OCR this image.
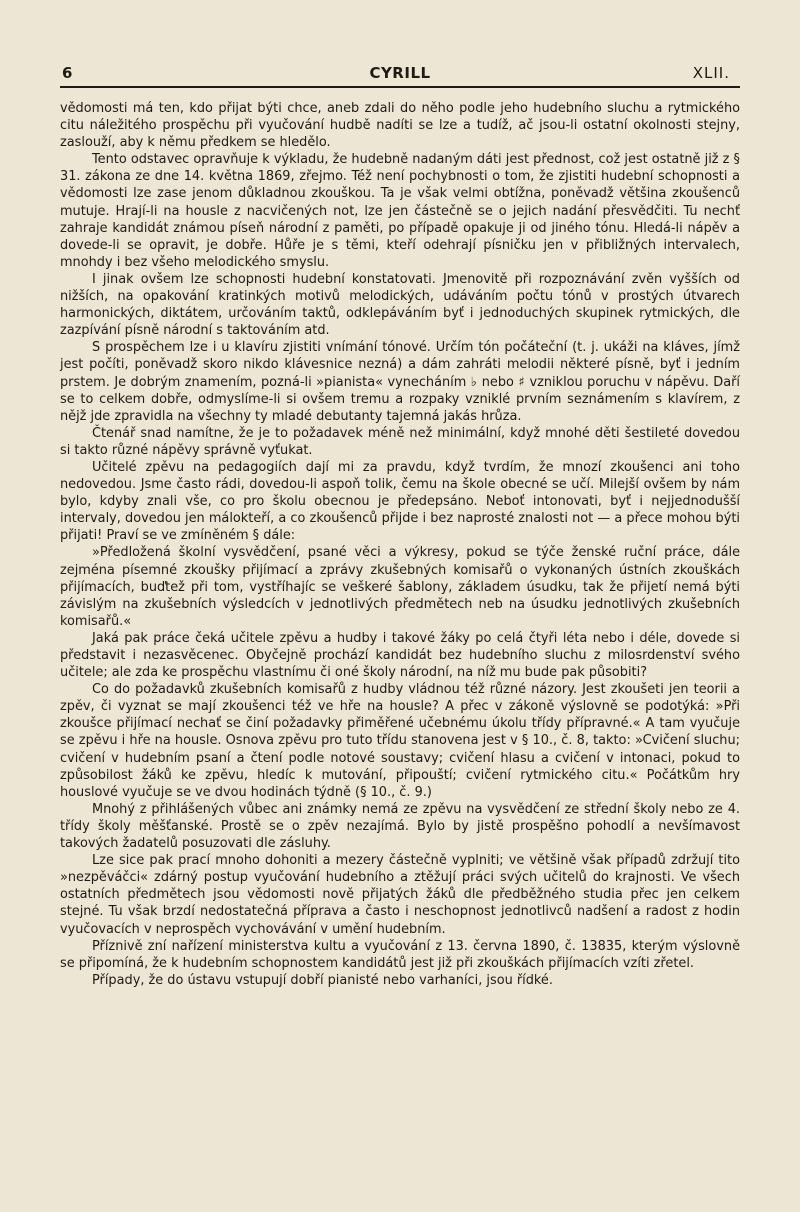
6	CYRILL	XLII.

vědomosti má ten, kdo přijat býti chce, aneb zdali do něho podle jeho hudebního sluchu a rytmického citu náležitého prospěchu při vyučování hudbě nadíti se lze a tudíž, ač jsou-li ostatní okolnosti stejny, zaslouží, aby k němu předkem se hledělo.

Tento odstavec opravňuje k výkladu, že hudebně nadaným dáti jest přednost, což jest ostatně již z § 31. zákona ze dne 14. května 1869, zřejmo. Též není pochybnosti o tom, že zjistiti hudební schopnosti a vědomosti lze zase jenom důkladnou zkouškou. Ta je však velmi obtížna, poněvadž většina zkoušenců mutuje. Hrají-li na housle z nacvičených not, lze jen částečně se o jejich nadání přesvědčiti. Tu nechť zahraje kandidát známou píseň národní z paměti, po případě opakuje ji od jiného tónu. Hledá-li nápěv a dovede-li se opravit, je dobře. Hůře je s těmi, kteří odehrají písničku jen v přibližných intervalech, mnohdy i bez všeho melodického smyslu.

I jinak ovšem lze schopnosti hudební konstatovati. Jmenovitě při rozpoznávání zvěn vyšších od nižších, na opakování kratinkých motivů melodických, udáváním počtu tónů v prostých útvarech harmonických, diktátem, určováním taktů, odklepáváním byť i jednoduchých skupinek rytmických, dle zazpívání písně národní s taktováním atd.

S prospěchem lze i u klavíru zjistiti vnímání tónové. Určím tón počáteční (t. j. ukáži na kláves, jímž jest počíti, poněvadž skoro nikdo klávesnice nezná) a dám zahráti melodii některé písně, byť i jedním prstem. Je dobrým znamením, pozná-li »pianista« vynecháním ♭ nebo ♯ vzniklou poruchu v nápěvu. Daří se to celkem dobře, odmyslíme-li si ovšem tremu a rozpaky vzniklé prvním seznámením s klavírem, z nějž jde zpravidla na všechny ty mladé debutanty tajemná jakás hrůza.

Čtenář snad namítne, že je to požadavek méně než minimální, když mnohé děti šestileté dovedou si takto různé nápěvy správně vyťukat.

Učitelé zpěvu na pedagogiích dají mi za pravdu, když tvrdím, že mnozí zkoušenci ani toho nedovedou. Jsme často rádi, dovedou-li aspoň tolik, čemu na škole obecné se učí. Milejší ovšem by nám bylo, kdyby znali vše, co pro školu obecnou je předepsáno. Neboť intonovati, byť i nejjednodušší intervaly, dovedou jen málokteří, a co zkoušenců přijde i bez naprosté znalosti not — a přece mohou býti přijati! Praví se ve zmíněném § dále:

»Předložená školní vysvědčení, psané věci a výkresy, pokud se týče ženské ruční práce, dále zejména písemné zkoušky přijímací a zprávy zkušebných komisařů o vykonaných ústních zkouškách přijímacích, buďtež při tom, vystříhajíc se veškeré šablony, základem úsudku, tak že přijetí nemá býti závislým na zkušebních výsledcích v jednotlivých předmětech neb na úsudku jednotlivých zkušebních komisařů.«

Jaká pak práce čeká učitele zpěvu a hudby i takové žáky po celá čtyři léta nebo i déle, dovede si představit i nezasvěcenec. Obyčejně prochází kandidát bez hudebního sluchu z milosrdenství svého učitele; ale zda ke prospěchu vlastnímu či oné školy národní, na níž mu bude pak působiti?

Co do požadavků zkušebních komisařů z hudby vládnou též různé názory. Jest zkoušeti jen teorii a zpěv, či vyznat se mají zkoušenci též ve hře na housle? A přec v zákoně výslovně se podotýká: »Při zkoušce přijímací nechať se činí požadavky přiměřené učebnému úkolu třídy přípravné.« A tam vyučuje se zpěvu i hře na housle. Osnova zpěvu pro tuto třídu stanovena jest v § 10., č. 8, takto: »Cvičení sluchu; cvičení v hudebním psaní a čtení podle notové soustavy; cvičení hlasu a cvičení v intonaci, pokud to způsobilost žáků ke zpěvu, hledíc k mutování, připouští; cvičení rytmického citu.« Počátkům hry houslové vyučuje se ve dvou hodinách týdně (§ 10., č. 9.)

Mnohý z přihlášených vůbec ani známky nemá ze zpěvu na vysvědčení ze střední školy nebo ze 4. třídy školy měšťanské. Prostě se o zpěv nezajímá. Bylo by jistě prospěšno pohodlí a nevšímavost takových žadatelů posuzovati dle zásluhy.

Lze sice pak prací mnoho dohoniti a mezery částečně vyplniti; ve většině však případů zdržují tito »nezpěváčci« zdárný postup vyučování hudebního a ztěžují práci svých učitelů do krajnosti. Ve všech ostatních předmětech jsou vědomosti nově přijatých žáků dle předběžného studia přec jen celkem stejné. Tu však brzdí nedostatečná příprava a často i neschopnost jednotlivců nadšení a radost z hodin vyučovacích v neprospěch vychovávání v umění hudebním.

Příznivě zní nařízení ministerstva kultu a vyučování z 13. června 1890, č. 13835, kterým výslovně se připomíná, že k hudebním schopnostem kandidátů jest již při zkouškách přijímacích vzíti zřetel.

Případy, že do ústavu vstupují dobří pianisté nebo varhaníci, jsou řídké.
